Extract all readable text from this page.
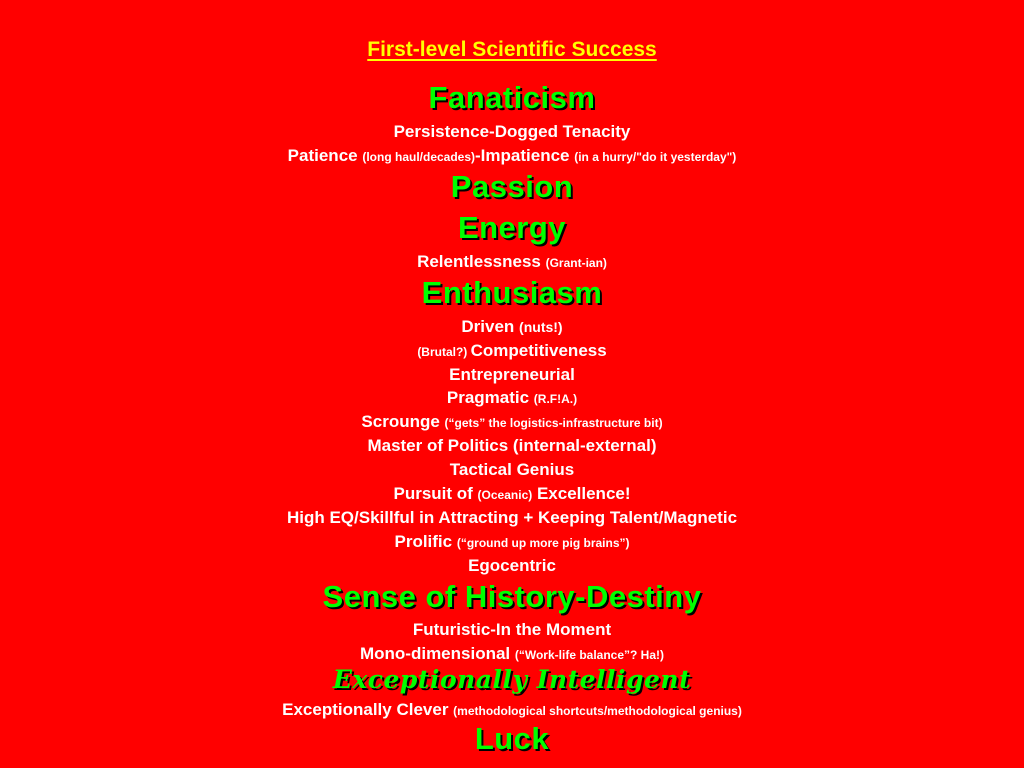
First-level Scientific Success
Fanaticism
Persistence-Dogged Tenacity
Patience (long haul/decades)-Impatience (in a hurry/"do it yesterday")
Passion
Energy
Relentlessness (Grant-ian)
Enthusiasm
Driven (nuts!)
(Brutal?) Competitiveness
Entrepreneurial
Pragmatic (R.F!A.)
Scrounge (“gets” the logistics-infrastructure bit)
Master of Politics (internal-external)
Tactical Genius
Pursuit of (Oceanic) Excellence!
High EQ/Skillful in Attracting + Keeping Talent/Magnetic
Prolific (“ground up more pig brains”)
Egocentric
Sense of History-Destiny
Futuristic-In the Moment
Mono-dimensional (“Work-life balance”? Ha!)
Exceptionally Intelligent
Exceptionally Clever (methodological shortcuts/methodological genius)
Luck
